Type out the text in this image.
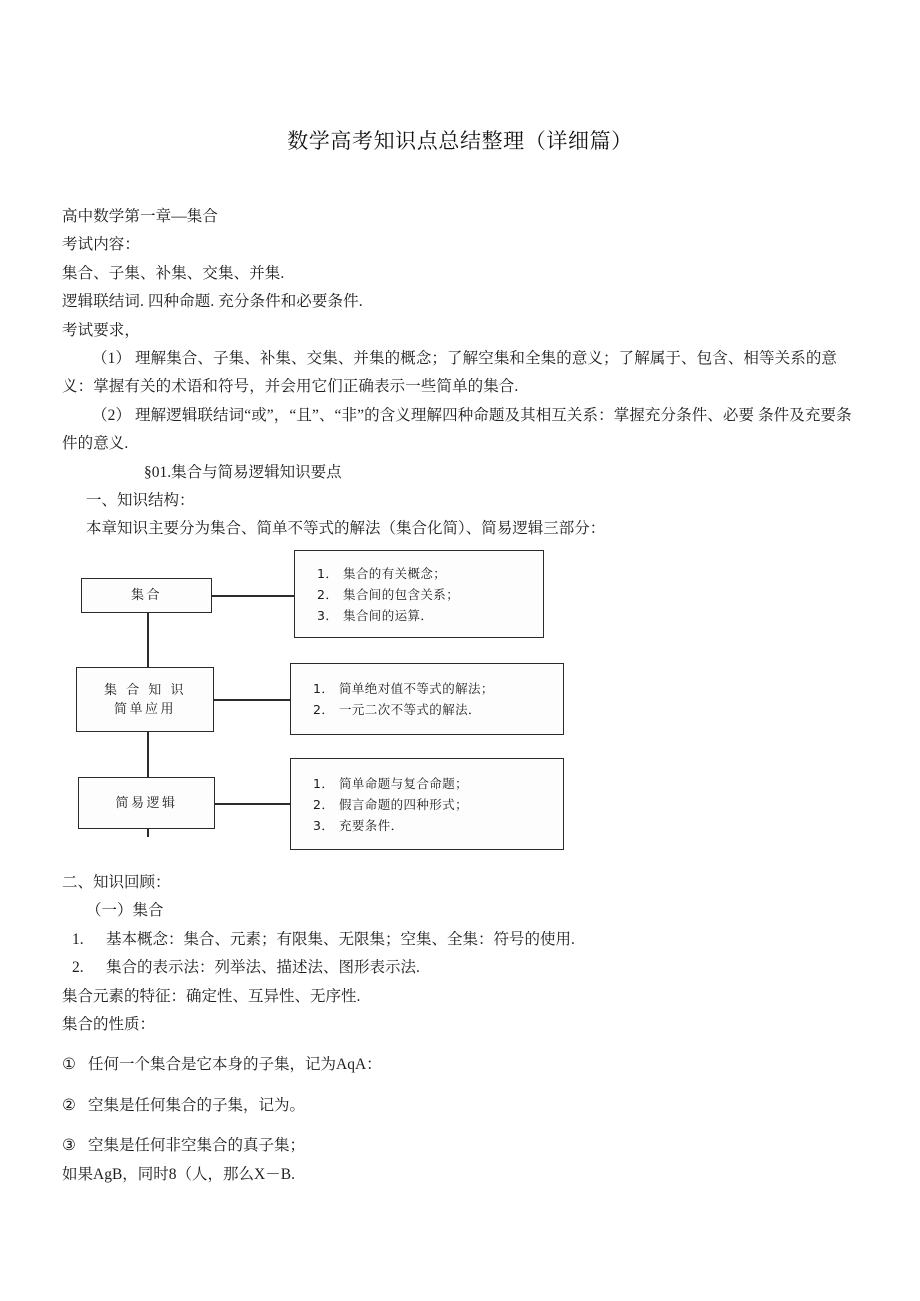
数学高考知识点总结整理（详细篇）
高中数学第一章—集合
考试内容：
集合、子集、补集、交集、并集.
逻辑联结词. 四种命题. 充分条件和必要条件.
考试要求，
（1） 理解集合、子集、补集、交集、并集的概念；了解空集和全集的意义；了解属于、包含、相等关系的意义：掌握有关的术语和符号，并会用它们正确表示一些简单的集合.
（2） 理解逻辑联结词“或”，“且”、“非”的含义理解四种命题及其相互关系：掌握充分条件、必要 条件及充要条件的意义.
§01.集合与简易逻辑知识要点
一、知识结构：
本章知识主要分为集合、简单不等式的解法（集合化简）、简易逻辑三部分：
集合
集 合 知 识
简单应用
简易逻辑
1． 集合的有关概念；
2． 集合间的包含关系；
3． 集合间的运算．
1． 简单绝对值不等式的解法；
2． 一元二次不等式的解法．
1． 简单命题与复合命题；
2． 假言命题的四种形式；
3． 充要条件．
二、知识回顾：
（一）集合
1. 基本概念：集合、元素；有限集、无限集；空集、全集：符号的使用.
2. 集合的表示法：列举法、描述法、图形表示法.
集合元素的特征：确定性、互异性、无序性.
集合的性质：
① 任何一个集合是它本身的子集，记为AqA：
② 空集是任何集合的子集，记为。
③ 空集是任何非空集合的真子集；
如果AgB，同时8（人，那么X－B.
